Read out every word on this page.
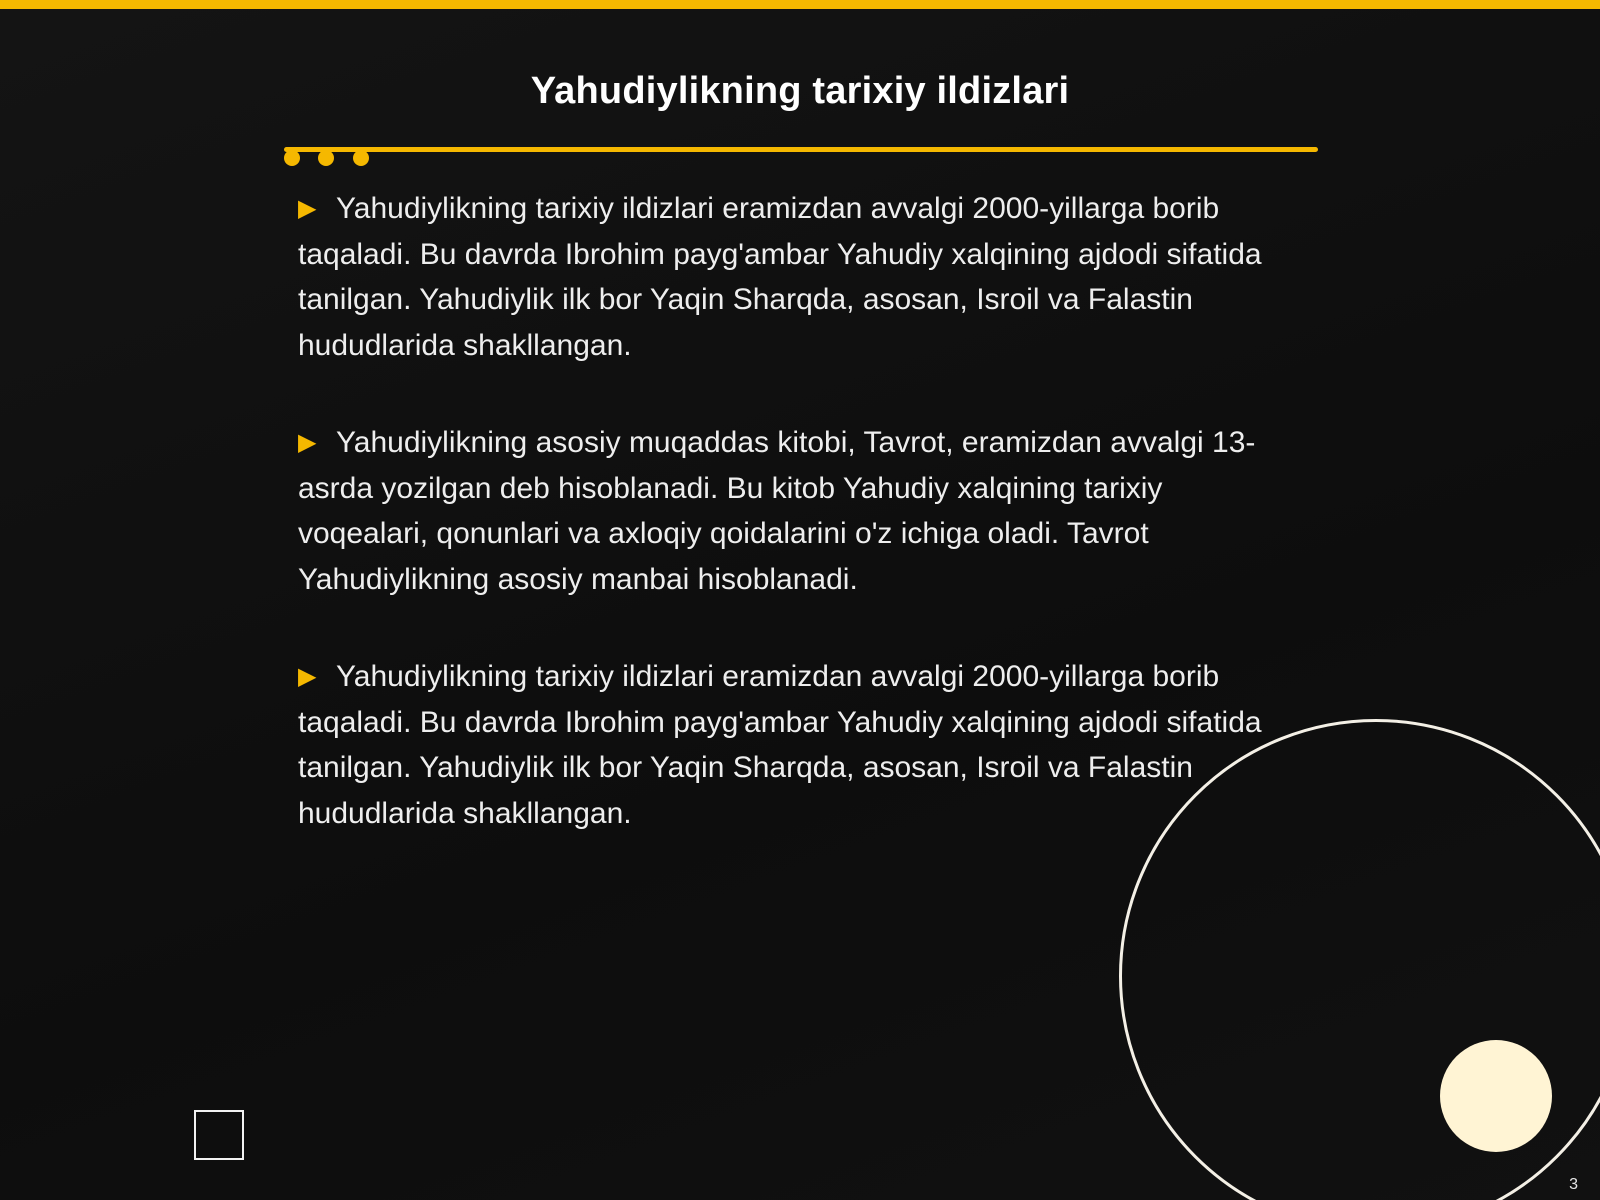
Yahudiylikning tarixiy ildizlari

▶ Yahudiylikning tarixiy ildizlari eramizdan avvalgi 2000-yillarga borib taqaladi. Bu davrda Ibrohim payg'ambar Yahudiy xalqining ajdodi sifatida tanilgan. Yahudiylik ilk bor Yaqin Sharqda, asosan, Isroil va Falastin hududlarida shakllangan.

▶ Yahudiylikning asosiy muqaddas kitobi, Tavrot, eramizdan avvalgi 13-asrda yozilgan deb hisoblanadi. Bu kitob Yahudiy xalqining tarixiy voqealari, qonunlari va axloqiy qoidalarini o'z ichiga oladi. Tavrot Yahudiylikning asosiy manbai hisoblanadi.

▶ Yahudiylikning tarixiy ildizlari eramizdan avvalgi 2000-yillarga borib taqaladi. Bu davrda Ibrohim payg'ambar Yahudiy xalqining ajdodi sifatida tanilgan. Yahudiylik ilk bor Yaqin Sharqda, asosan, Isroil va Falastin hududlarida shakllangan.

3
